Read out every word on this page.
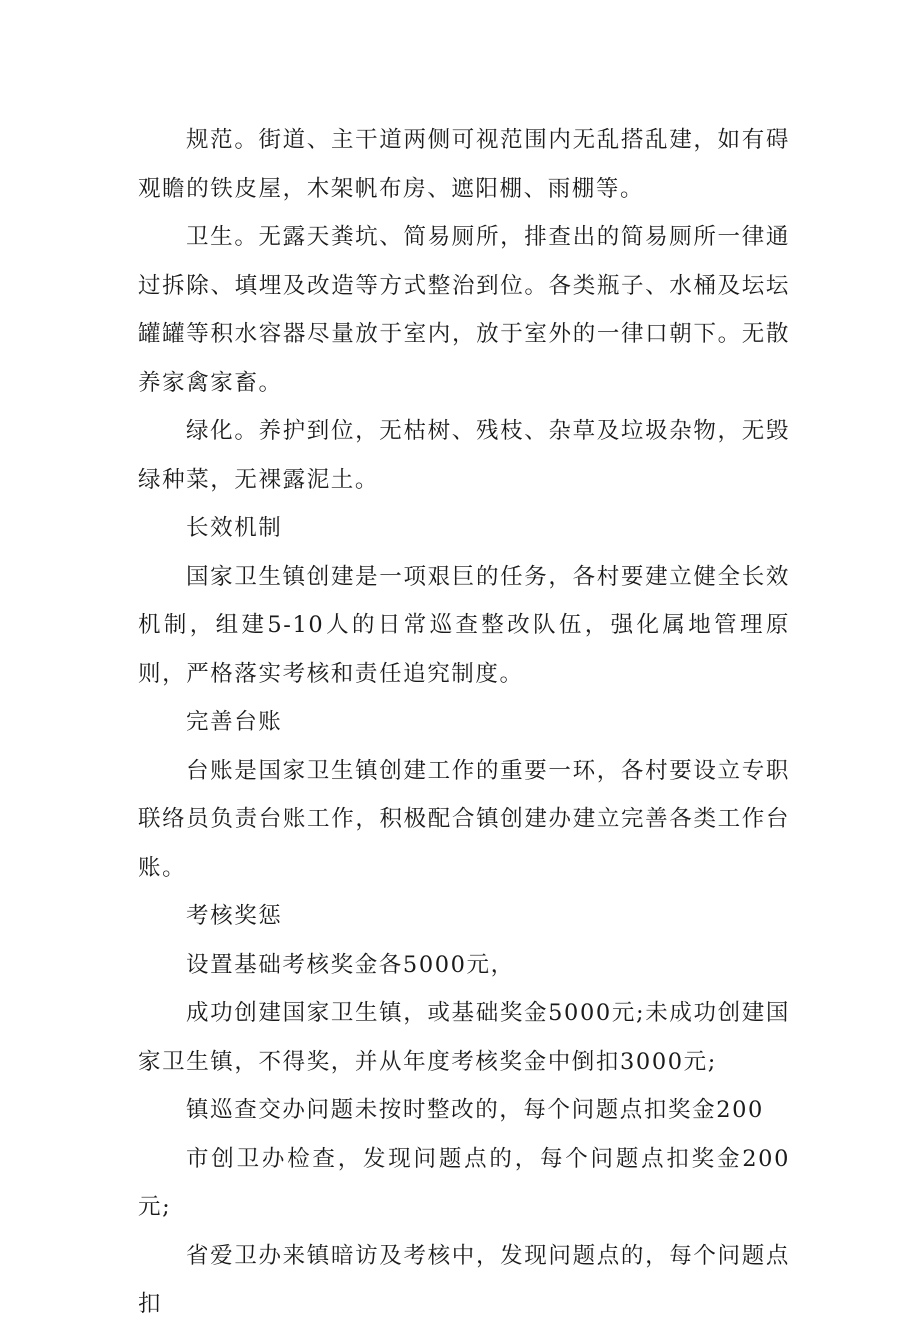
规范。街道、主干道两侧可视范围内无乱搭乱建，如有碍观瞻的铁皮屋，木架帆布房、遮阳棚、雨棚等。

卫生。无露天粪坑、简易厕所，排查出的简易厕所一律通过拆除、填埋及改造等方式整治到位。各类瓶子、水桶及坛坛罐罐等积水容器尽量放于室内，放于室外的一律口朝下。无散养家禽家畜。

绿化。养护到位，无枯树、残枝、杂草及垃圾杂物，无毁绿种菜，无裸露泥土。

长效机制

国家卫生镇创建是一项艰巨的任务，各村要建立健全长效机制，组建5-10人的日常巡查整改队伍，强化属地管理原则，严格落实考核和责任追究制度。

完善台账

台账是国家卫生镇创建工作的重要一环，各村要设立专职联络员负责台账工作，积极配合镇创建办建立完善各类工作台账。

考核奖惩

设置基础考核奖金各5000元，

成功创建国家卫生镇，或基础奖金5000元;未成功创建国家卫生镇，不得奖，并从年度考核奖金中倒扣3000元;

镇巡查交办问题未按时整改的，每个问题点扣奖金200

市创卫办检查，发现问题点的，每个问题点扣奖金200元;

省爱卫办来镇暗访及考核中，发现问题点的，每个问题点扣
